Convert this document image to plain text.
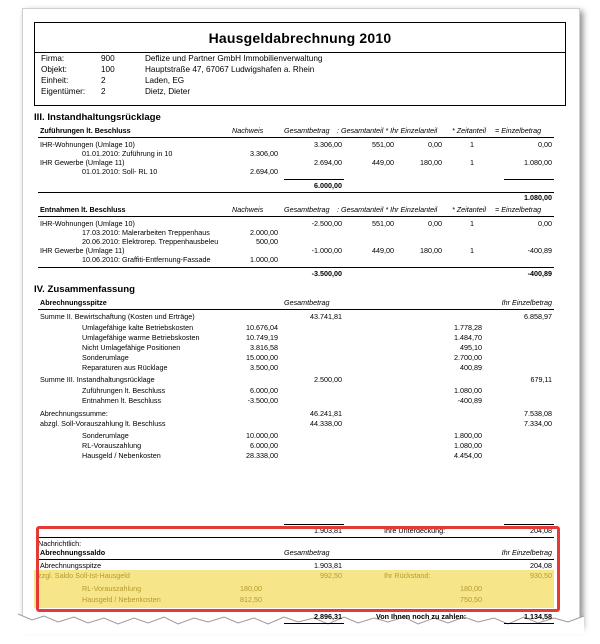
Hausgeldabrechnung 2010
Firma:	900	Deflize und Partner GmbH Immobilienverwaltung
Objekt:	100	Hauptstraße 47, 67067 Ludwigshafen a. Rhein
Einheit:	2	Laden, EG
Eigentümer: 2	Dietz, Dieter
III. Instandhaltungsrücklage
Zuführungen lt. Beschluss	Nachweis	Gesamtbetrag : Gesamtanteil * Ihr Einzelanteil * Zeitanteil = Einzelbetrag
IHR-Wohnungen (Umlage 10)	3.306,00	551,00	0,00	1	0,00
01.01.2010: Zuführung in 10	3.306,00
IHR Gewerbe (Umlage 11)	2.694,00	449,00	180,00	1	1.080,00
01.01.2010: Soll- RL 10	2.694,00
6.000,00
1.080,00
Entnahmen lt. Beschluss	Nachweis	Gesamtbetrag : Gesamtanteil * Ihr Einzelanteil * Zeitanteil = Einzelbetrag
IHR-Wohnungen (Umlage 10)	-2.500,00	551,00	0,00	1	0,00
17.03.2010: Malerarbeiten Treppenhaus	2.000,00
20.06.2010: Elektrorep. Treppenhausbeleu	500,00
IHR Gewerbe (Umlage 11)	-1.000,00	449,00	180,00	1	-400,89
10.06.2010: Graffiti-Entfernung-Fassade	1.000,00
-3.500,00	-400,89
IV. Zusammenfassung
Abrechnungsspitze	Gesamtbetrag	Ihr Einzelbetrag
Summe II. Bewirtschaftung (Kosten und Erträge)	43.741,81	6.858,97
Umlagefähige kalte Betriebskosten	10.676,04	1.778,28
Umlagefähige warme Betriebskosten	10.749,19	1.484,70
Nicht Umlagefähige Positionen	3.816,58	495,10
Sonderumlage	15.000,00	2.700,00
Reparaturen aus Rücklage	3.500,00	400,89
Summe III. Instandhaltungsrücklage	2.500,00	679,11
Zuführungen lt. Beschluss	6.000,00	1.080,00
Entnahmen lt. Beschluss	-3.500,00	-400,89
Abrechnungssumme:	46.241,81	7.538,08
abzgl. Soll-Vorauszahlung lt. Beschluss	44.338,00	7.334,00
Sonderumlage	10.000,00	1.800,00
RL-Vorauszahlung	6.000,00	1.080,00
Hausgeld / Nebenkosten	28.338,00	4.454,00
1.903,81	Ihre Unterdeckung:	204,08
Nachrichtlich:
Abrechnungssaldo	Gesamtbetrag	Ihr Einzelbetrag
Abrechnungsspitze	1.903,81	204,08
zzgl. Saldo Soll-Ist-Hausgeld	992,50	Ihr Rückstand:	930,50
RL-Vorauszahlung	180,00	180,00
Hausgeld / Nebenkosten	812,50	750,50
2.896,31	Von Ihnen noch zu zahlen:	1.134,58
